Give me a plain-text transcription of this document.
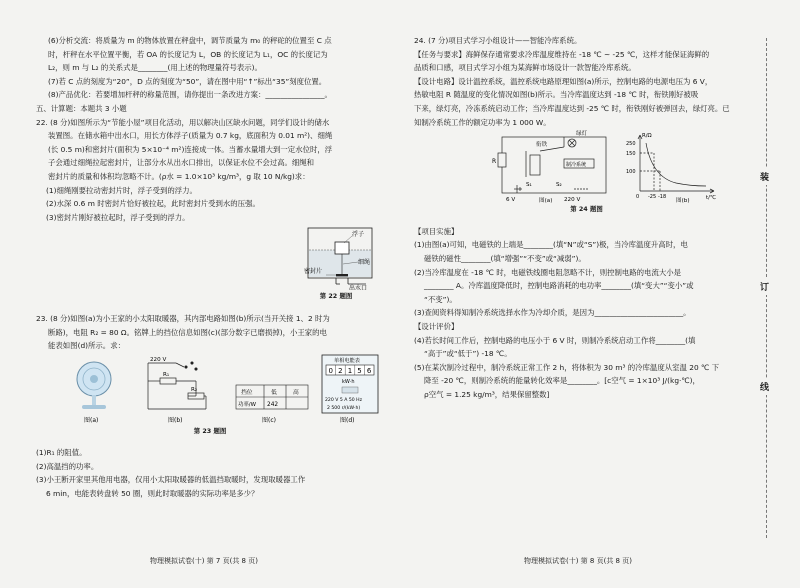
(6)分析交流：将质量为 m 的物体放置在秤盘中，调节质量为 m₀ 的秤砣的位置至 C 点
时，杆秤在水平位置平衡，若 OA 的长度记为 L，OB 的长度记为 L₁，OC 的长度记为
L₂，则 m 与 L₂ 的关系式是________(用上述的物理量符号表示)。
(7)若 C 点的刻度为“20”，D 点的刻度为“50”，请在图中用“↑”标出“35”刻度位置。
(8)产品优化：若要增加杆秤的称量范围，请你提出一条改进方案：________________。
五、计算题：本题共 3 小题
22. (8 分)如图所示为“节能小屋”项目化活动，用以解决山区缺水问题，同学们设计的储水
装置图。在储水箱中出水口，用长方体浮子(质量为 0.7 kg，底面积为 0.01 m²)、细绳
(长 0.5 m)和密封片(面积为 5×10⁻⁴ m²)连接成一体。当蓄水量增大到一定水位时，浮
子会通过细绳拉起密封片，让部分水从出水口排出，以保证水位不会过高。细绳和
密封片的质量和体积均忽略不计。(ρ水 = 1.0×10³ kg/m³，g 取 10 N/kg)求：
(1)细绳刚要拉动密封片时，浮子受到的浮力。
(2)水深 0.6 m 时密封片恰好被拉起，此时密封片受到水的压强。
(3)密封片刚好被拉起时，浮子受到的浮力。
浮子
细绳
密封片
出水口
第 22 题图
23. (8 分)如图(a)为小王家的小太阳取暖器，其内部电路如图(b)所示(当开关接 1、2 时为
断路)，电阻 R₂ = 80 Ω。铭牌上的挡位信息如图(c)(部分数字已磨损掉)，小王家的电
能表如图(d)所示。求：
220 V
R₁
R₂	挡位	低	高
功率/W 242
单相电能表
0 2 1 5 6
kW·h
220 V 5 A 50 Hz
2 500 r/(kW·h)
图(a)	图(b)	图(c)	图(d)
第 23 题图
(1)R₁ 的阻值。
(2)高温挡的功率。
(3)小王断开家里其他用电器，仅用小太阳取暖器的低温挡取暖时，发现取暖器工作
6 min，电能表转盘转 50 圈，则此时取暖器的实际功率是多少？
物理模拟试卷(十) 第 7 页(共 8 页)
24. (7 分)项目式学习小组设计——智能冷库系统。
【任务与要求】海鲜保存通常要求冷库温度维持在 -18 ℃ ~ -25 ℃，这样才能保证海鲜的
品质和口感，项目式学习小组为某海鲜市场设计一款智能冷库系统。
【设计电路】设计温控系统，温控系统电路原理如图(a)所示，控制电路的电源电压为 6 V，
热敏电阻 R 随温度的变化情况如图(b)所示。当冷库温度达到 -18 ℃ 时，衔铁刚好被吸
下来，绿灯亮，冷冻系统启动工作；当冷库温度达到 -25 ℃ 时，衔铁刚好被弹回去，绿灯亮。已
知制冷系统工作的额定功率为 1 000 W。
衔铁
绿灯
制冷系统
R
S₁	S₂
6 V	220 V
R/Ω
t/℃
250
150
100
0 -25 -18
图(a)	图(b)
第 24 题图
【项目实施】
(1)由图(a)可知，电磁铁的上端是________(填“N”或“S”)极，当冷库温度升高时，电
磁铁的磁性________(填“增强”“不变”或“减弱”)。
(2)当冷库温度在 -18 ℃ 时，电磁铁线圈电阻忽略不计，则控制电路的电流大小是
________ A。冷库温度降低时，控制电路消耗的电功率________(填“变大”“变小”或
“不变”)。
(3)查阅资料得知制冷系统选择水作为冷却介质，是因为________________________。
【设计评价】
(4)若长时间工作后，控制电路的电压小于 6 V 时，则制冷系统启动工作将________(填
“高于”或“低于”) -18 ℃。
(5)在某次制冷过程中，制冷系统正常工作 2 h，将体积为 30 m³ 的冷库温度从室温 20 ℃ 下
降至 -20 ℃，则制冷系统的能量转化效率是________。[c空气 = 1×10³ J/(kg·℃)，
ρ空气 = 1.25 kg/m³，结果保留整数]
物理模拟试卷(十) 第 8 页(共 8 页)
装
订
线
